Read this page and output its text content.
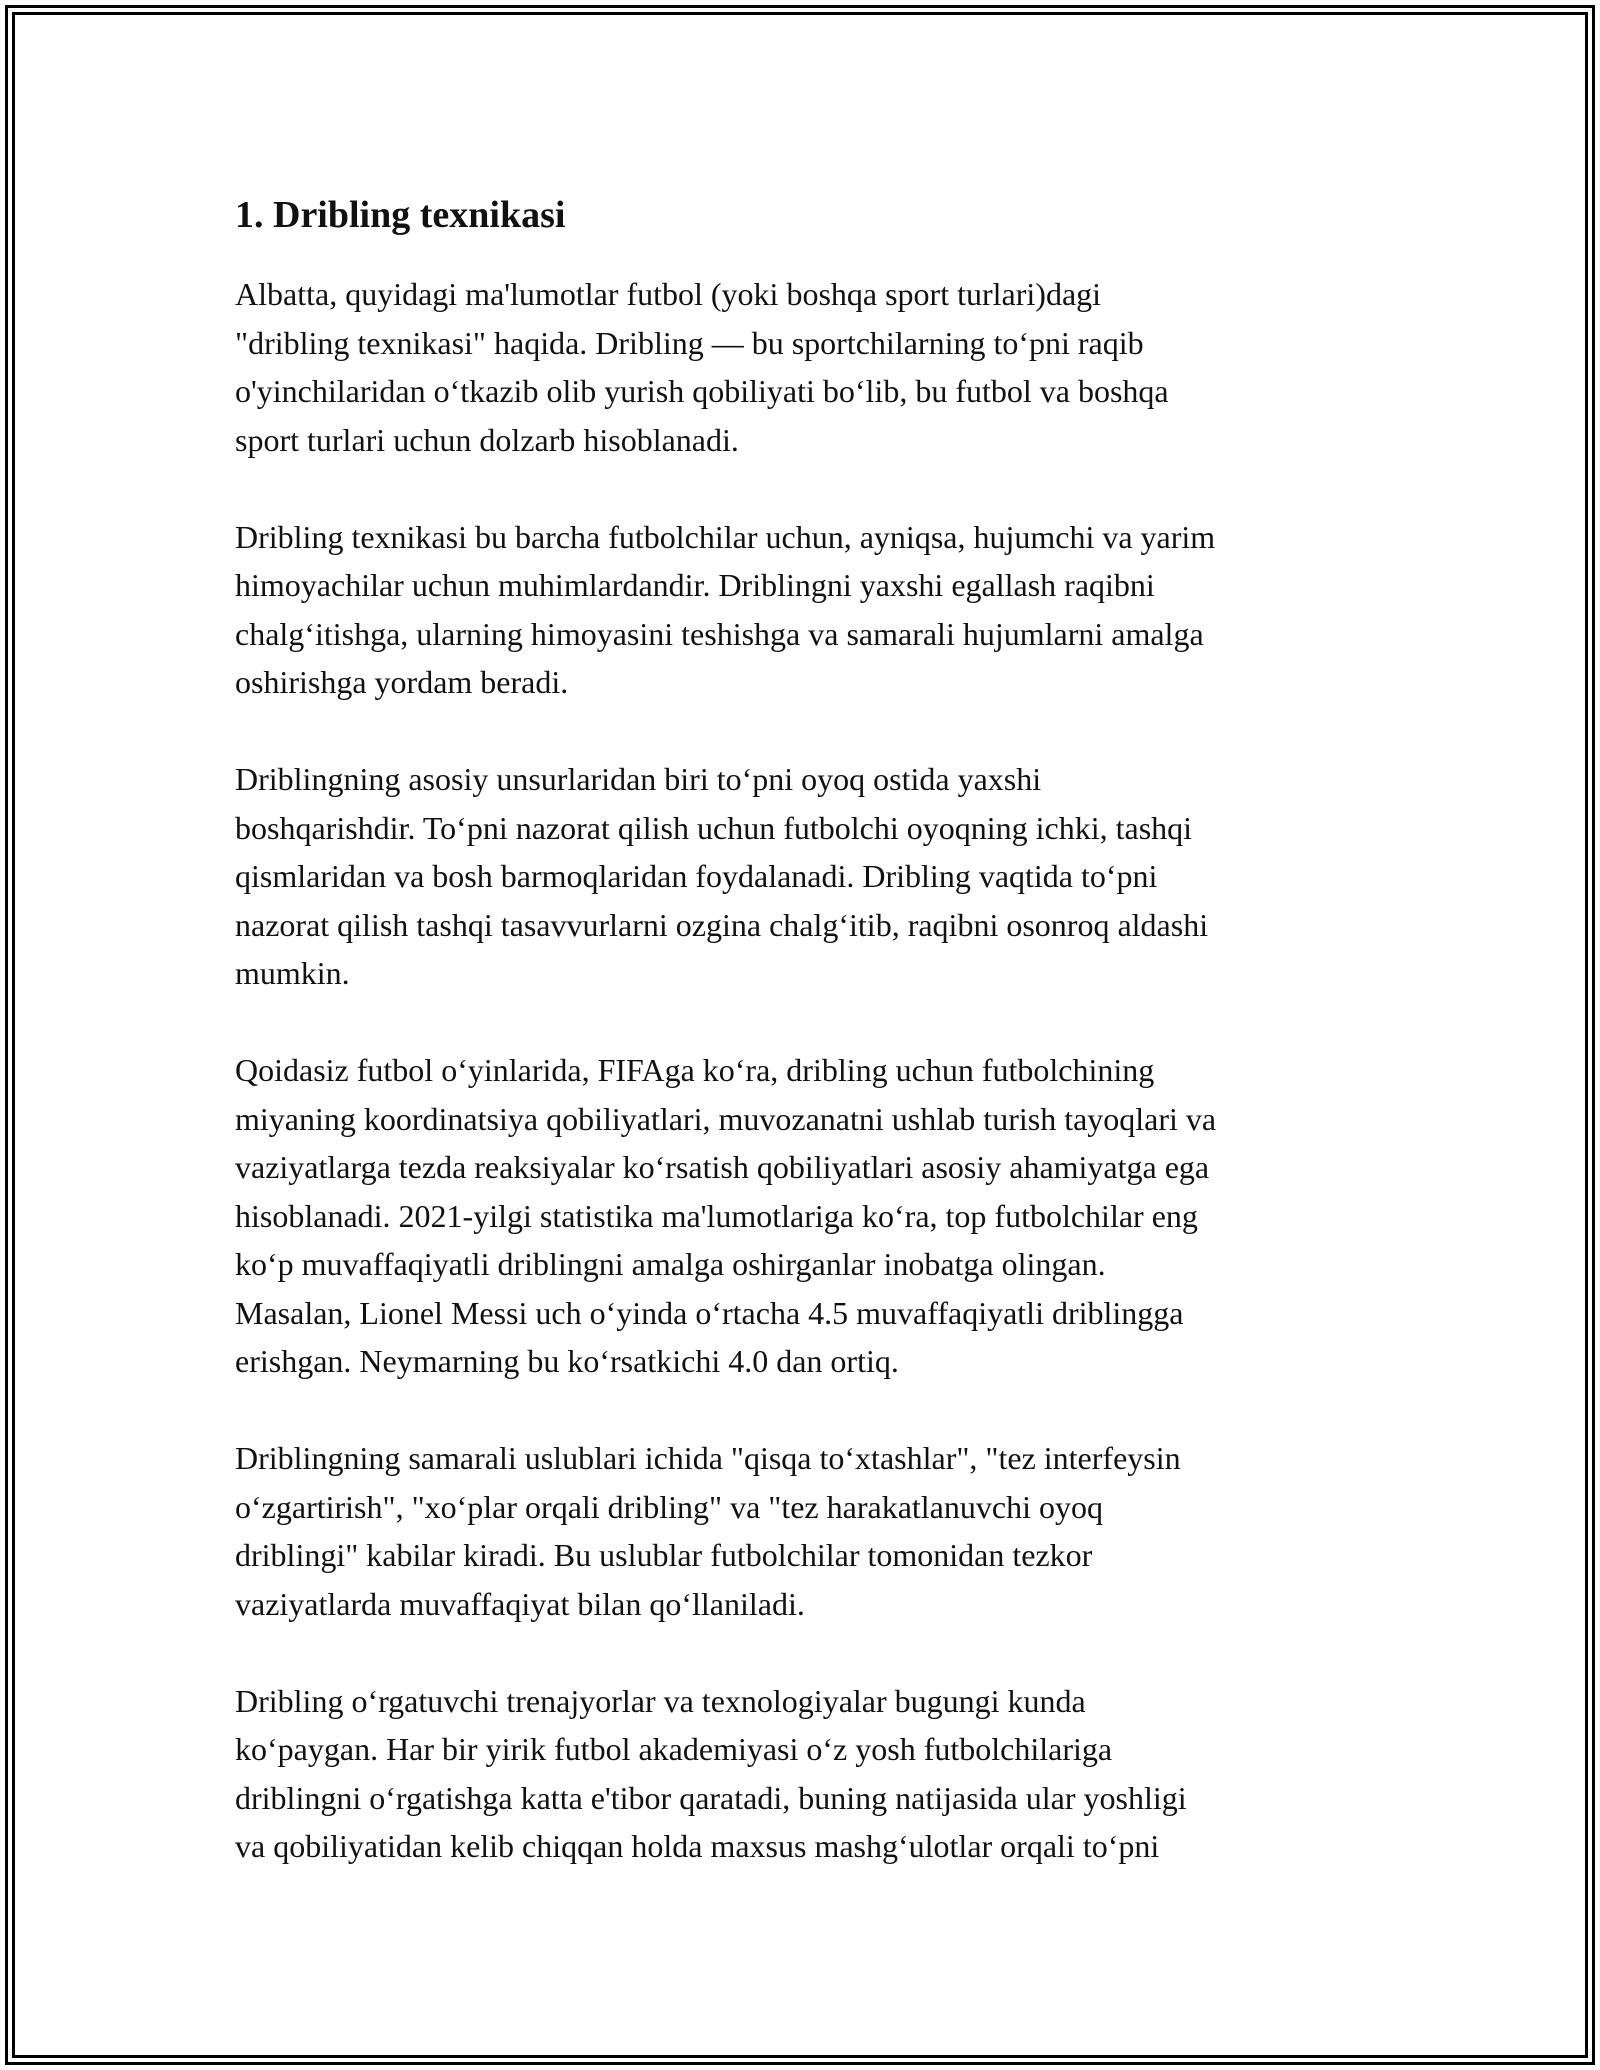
1. Dribling texnikasi

Albatta, quyidagi ma'lumotlar futbol (yoki boshqa sport turlari)dagi
"dribling texnikasi" haqida. Dribling — bu sportchilarning to‘pni raqib
o'yinchilaridan o‘tkazib olib yurish qobiliyati bo‘lib, bu futbol va boshqa
sport turlari uchun dolzarb hisoblanadi.

Dribling texnikasi bu barcha futbolchilar uchun, ayniqsa, hujumchi va yarim
himoyachilar uchun muhimlardandir. Driblingni yaxshi egallash raqibni
chalg‘itishga, ularning himoyasini teshishga va samarali hujumlarni amalga
oshirishga yordam beradi.

Driblingning asosiy unsurlaridan biri to‘pni oyoq ostida yaxshi
boshqarishdir. To‘pni nazorat qilish uchun futbolchi oyoqning ichki, tashqi
qismlaridan va bosh barmoqlaridan foydalanadi. Dribling vaqtida to‘pni
nazorat qilish tashqi tasavvurlarni ozgina chalg‘itib, raqibni osonroq aldashi
mumkin.

Qoidasiz futbol o‘yinlarida, FIFAga ko‘ra, dribling uchun futbolchining
miyaning koordinatsiya qobiliyatlari, muvozanatni ushlab turish tayoqlari va
vaziyatlarga tezda reaksiyalar ko‘rsatish qobiliyatlari asosiy ahamiyatga ega
hisoblanadi. 2021-yilgi statistika ma'lumotlariga ko‘ra, top futbolchilar eng
ko‘p muvaffaqiyatli driblingni amalga oshirganlar inobatga olingan.
Masalan, Lionel Messi uch o‘yinda o‘rtacha 4.5 muvaffaqiyatli driblingga
erishgan. Neymarning bu ko‘rsatkichi 4.0 dan ortiq.

Driblingning samarali uslublari ichida "qisqa to‘xtashlar", "tez interfeysin
o‘zgartirish", "xo‘plar orqali dribling" va "tez harakatlanuvchi oyoq
driblingi" kabilar kiradi. Bu uslublar futbolchilar tomonidan tezkor
vaziyatlarda muvaffaqiyat bilan qo‘llaniladi.

Dribling o‘rgatuvchi trenajyorlar va texnologiyalar bugungi kunda
ko‘paygan. Har bir yirik futbol akademiyasi o‘z yosh futbolchilariga
driblingni o‘rgatishga katta e'tibor qaratadi, buning natijasida ular yoshligi
va qobiliyatidan kelib chiqqan holda maxsus mashg‘ulotlar orqali to‘pni
